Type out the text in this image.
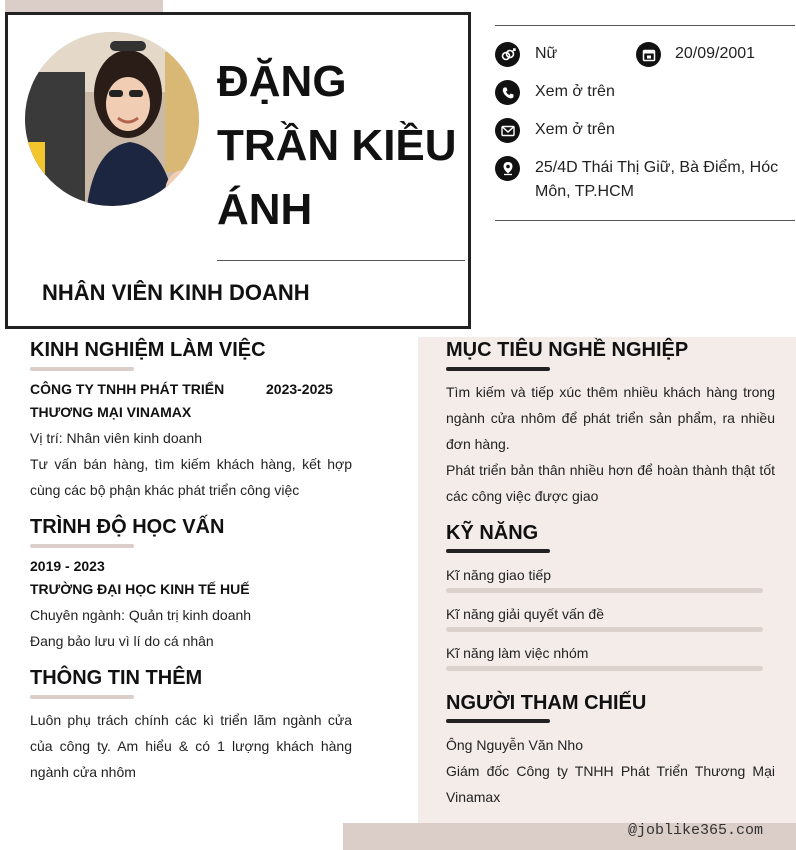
ĐẶNG
TRẦN KIỀU
ÁNH
NHÂN VIÊN KINH DOANH
Nữ	20/09/2001
Xem ở trên
Xem ở trên
25/4D Thái Thị Giữ, Bà Điểm, Hóc Môn, TP.HCM
KINH NGHIỆM LÀM VIỆC
CÔNG TY TNHH PHÁT TRIỂN	2023-2025
THƯƠNG MẠI VINAMAX
Vị trí: Nhân viên kinh doanh
Tư vấn bán hàng, tìm kiếm khách hàng, kết hợp cùng các bộ phận khác phát triển công việc
TRÌNH ĐỘ HỌC VẤN
2019 - 2023
TRƯỜNG ĐẠI HỌC KINH TẾ HUẾ
Chuyên ngành: Quản trị kinh doanh
Đang bảo lưu vì lí do cá nhân
THÔNG TIN THÊM
Luôn phụ trách chính các kì triển lãm ngành cửa của công ty. Am hiểu & có 1 lượng khách hàng ngành cửa nhôm
MỤC TIÊU NGHỀ NGHIỆP
Tìm kiếm và tiếp xúc thêm nhiều khách hàng trong ngành cửa nhôm để phát triển sản phẩm, ra nhiều đơn hàng.
Phát triển bản thân nhiều hơn để hoàn thành thật tốt các công việc được giao
KỸ NĂNG
Kĩ năng giao tiếp
Kĩ năng giải quyết vấn đề
Kĩ năng làm việc nhóm
NGƯỜI THAM CHIẾU
Ông Nguyễn Văn Nho
Giám đốc Công ty TNHH Phát Triển Thương Mại Vinamax
@joblike365.com
